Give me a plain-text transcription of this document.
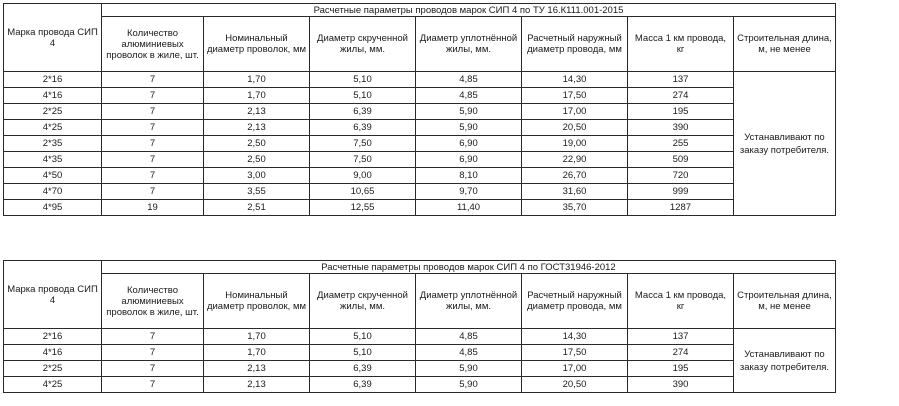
Марка провода СИП 4	Расчетные параметры проводов марок СИП 4 по ТУ 16.К111.001-2015						
	Количество алюминиевых проволок в жиле, шт.	Номинальный диаметр проволок, мм	Диаметр скрученной жилы, мм.	Диаметр уплотнённой жилы, мм.	Расчетный наружный диаметр провода, мм	Масса 1 км провода, кг	Строительная длина, м, не менее
2*16	7	1,70	5,10	4,85	14,30	137	Устанавливают по заказу потребителя.
4*16	7	1,70	5,10	4,85	17,50	274	
2*25	7	2,13	6,39	5,90	17,00	195	
4*25	7	2,13	6,39	5,90	20,50	390	
2*35	7	2,50	7,50	6,90	19,00	255	
4*35	7	2,50	7,50	6,90	22,90	509	
4*50	7	3,00	9,00	8,10	26,70	720	
4*70	7	3,55	10,65	9,70	31,60	999	
4*95	19	2,51	12,55	11,40	35,70	1287	
Марка провода СИП 4	Расчетные параметры проводов марок СИП 4 по ГОСТ31946-2012						
	Количество алюминиевых проволок в жиле, шт.	Номинальный диаметр проволок, мм	Диаметр скрученной жилы, мм.	Диаметр уплотнённой жилы, мм.	Расчетный наружный диаметр провода, мм	Масса 1 км провода, кг	Строительная длина, м, не менее
2*16	7	1,70	5,10	4,85	14,30	137	Устанавливают по заказу потребителя.
4*16	7	1,70	5,10	4,85	17,50	274	
2*25	7	2,13	6,39	5,90	17,00	195	
4*25	7	2,13	6,39	5,90	20,50	390	
